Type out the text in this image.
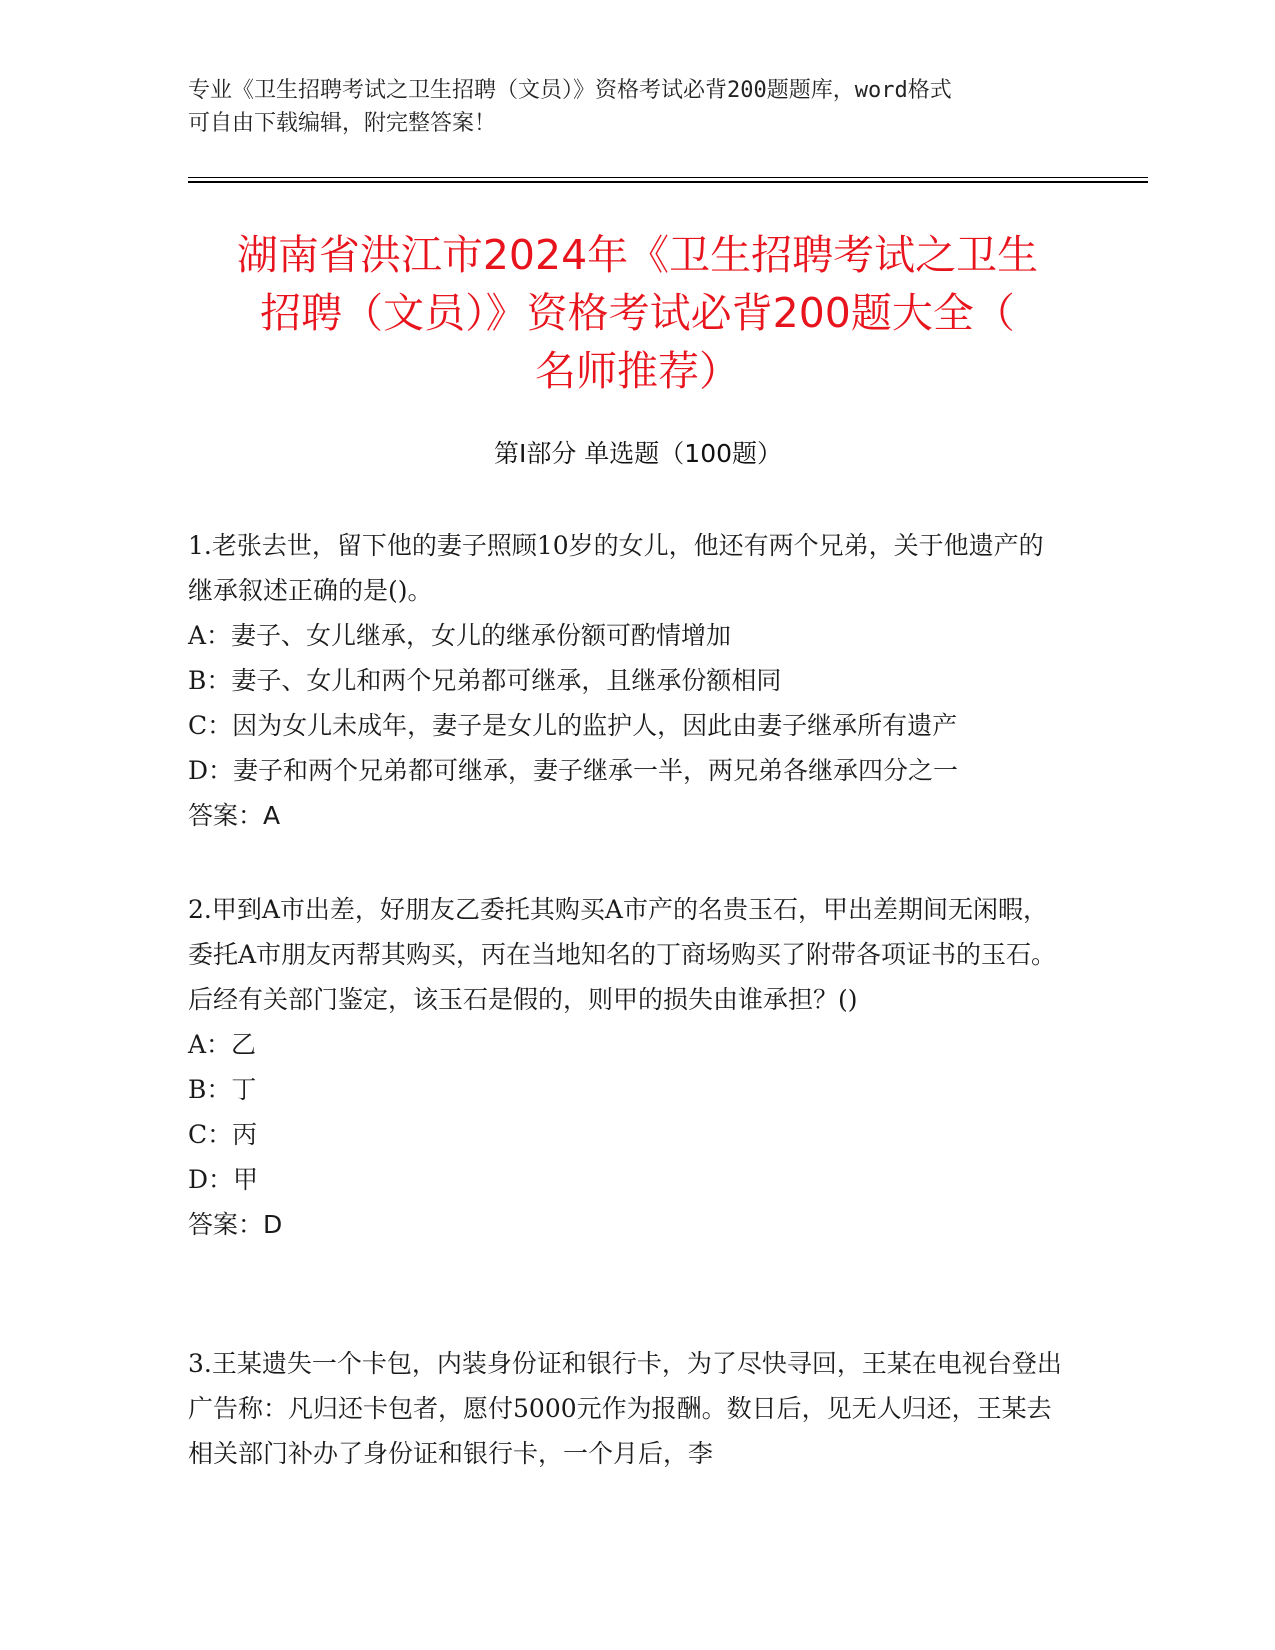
专业《卫生招聘考试之卫生招聘（文员）》资格考试必背200题题库，word格式
可自由下载编辑，附完整答案！
湖南省洪江市2024年《卫生招聘考试之卫生
招聘（文员）》资格考试必背200题大全（
名师推荐）
第Ⅰ部分 单选题（100题）

1.老张去世，留下他的妻子照顾10岁的女儿，他还有两个兄弟，关于他遗产的继承叙述正确的是()。

A：妻子、女儿继承，女儿的继承份额可酌情增加

B：妻子、女儿和两个兄弟都可继承，且继承份额相同

C：因为女儿未成年，妻子是女儿的监护人，因此由妻子继承所有遗产

D：妻子和两个兄弟都可继承，妻子继承一半，两兄弟各继承四分之一

答案：A

2.甲到A市出差，好朋友乙委托其购买A市产的名贵玉石，甲出差期间无闲暇，委托A市朋友丙帮其购买，丙在当地知名的丁商场购买了附带各项证书的玉石。后经有关部门鉴定，该玉石是假的，则甲的损失由谁承担？()

A：乙

B：丁

C：丙

D：甲

答案：D

3.王某遗失一个卡包，内装身份证和银行卡，为了尽快寻回，王某在电视台登出广告称：凡归还卡包者，愿付5000元作为报酬。数日后，见无人归还，王某去相关部门补办了身份证和银行卡，一个月后，李
